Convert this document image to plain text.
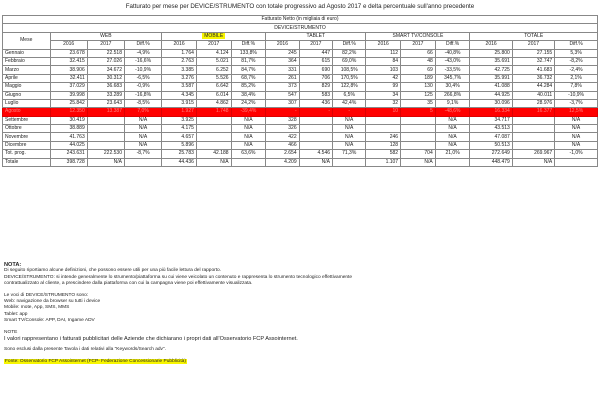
Fatturato per mese per DEVICE/STRUMENTO con totale progressivo ad Agosto 2017 e delta percentuale sull'anno precedente
Fatturato Netto (in migliaia di euro)															
DEVICE/STRUMENTO															
Mese	WEB			MOBILE			TABLET			SMART TV/CONSOLE			TOTALE		
	2016	2017	Diff.%	2016	2017	Diff.%	2016	2017	Diff.%	2016	2017	Diff.%	2016	2017	Diff.%
Gennaio	23.678	22.518	-4,9%	1.764	4.124	133,8%	245	447	82,2%	112	66	-40,8%	25.800	27.155	5,3%
Febbraio	32.415	27.026	-16,6%	2.763	5.021	81,7%	364	615	69,0%	84	48	-43,0%	35.691	32.747	-8,2%
Marzo	38.906	34.672	-10,9%	3.385	6.252	84,7%	331	690	108,5%	103	69	-33,5%	42.725	41.683	-2,4%
Aprile	32.411	30.312	-6,5%	3.276	5.526	68,7%	261	706	170,5%	42	189	345,7%	35.991	36.732	2,1%
Maggio	37.029	36.683	-0,9%	3.587	6.642	85,2%	373	829	122,8%	99	130	30,4%	41.088	44.284	7,8%
Giugno	39.998	33.289	-16,8%	4.345	6.014	38,4%	547	583	6,5%	34	125	266,8%	44.925	40.011	-10,9%
Luglio	25.842	23.643	-8,5%	3.915	4.862	24,2%	307	436	42,4%	32	35	9,1%	30.096	28.976	-3,7%
Agosto	12.350	13.387	7,0%	1.927	1.748	-39,4%	-	-	-	10	5	-48,6%	16.334	16.377	12,5%
Settembre	30.419		N/A	3.925		N/A	328		N/A			N/A	34.717		N/A
Ottobre	38.889		N/A	4.175		N/A	326		N/A			N/A	43.513		N/A
Novembre	41.763		N/A	4.657		N/A	422		N/A	246		N/A	47.087		N/A
Dicembre	44.025		N/A	5.896		N/A	466		N/A	128		N/A	50.513		N/A
Tot. prog.	243.631	222.530	-8,7%	25.783	42.188	63,6%	2.654	4.546	71,3%	582	704	21,0%	272.649	269.967	-1,0%
Totale	398.728	N/A		44.436	N/A		4.209	N/A		1.107	N/A		448.479	N/A	

NOTA:

Di seguito riportiamo alcune definizioni, che possono essere utili per una più facile lettura del rapporto.

DEVICE/STRUMENTO: si intende generalmente lo strumento/piattaforma su cui viene veicolato un contenuto e rappresenta lo strumento tecnologico effettivamente

contrattualizzato al cliente, a prescindere dalla piattaforma con cui la campagna viene poi effettivamente visualizzata.

Le voci di DEVICE/STRUMENTO sono:

Web: navigazione da browser su tutti i device

Mobile: mote, App, SMS, MMS

Tablet: app

Smart TV/Console: APP, DAI, Ingame ADV

NOTE

I valori rappresentano i fatturati pubblicitari delle Aziende che dichiarano i propri dati all'Osservatorio FCP Assointernet.

Sono esclusi dalla presente Tavola i dati relativi alla "Keywords/Search adv".

Fonte: Osservatorio FCP Assointernet (FCP- Federazione Concessionarie Pubblicità)
